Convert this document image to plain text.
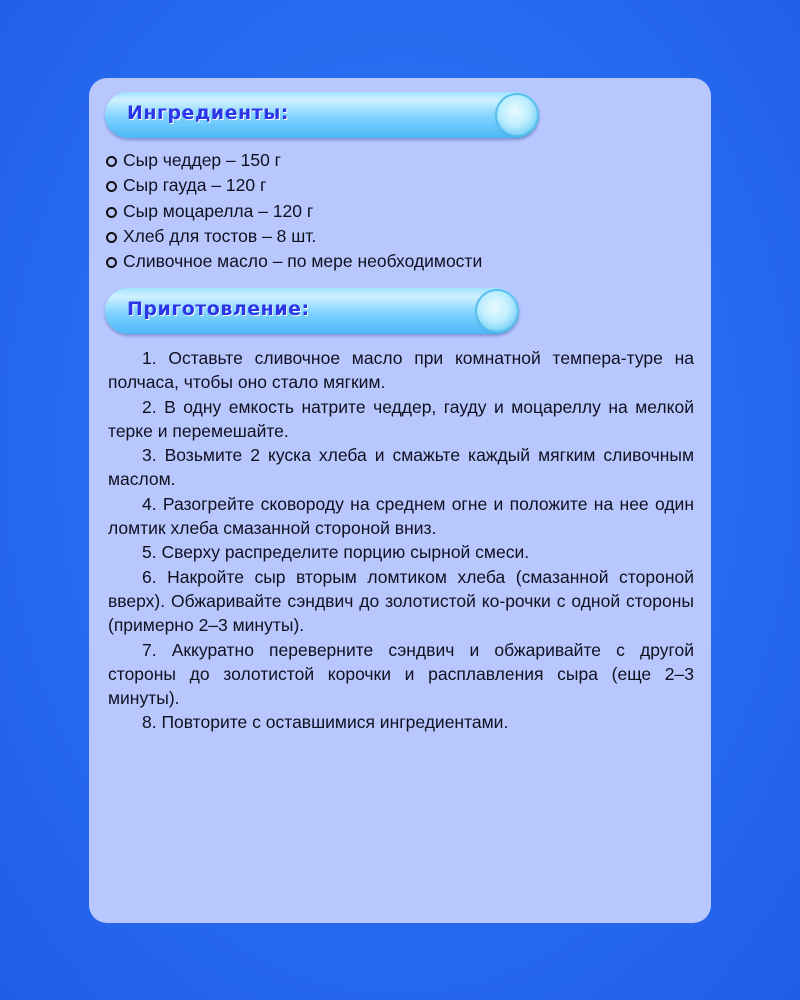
Ингредиенты:
Сыр чеддер – 150 г
Сыр гауда – 120 г
Сыр моцарелла – 120 г
Хлеб для тостов – 8 шт.
Сливочное масло – по мере необходимости
Приготовление:

1. Оставьте сливочное масло при комнатной темпера-туре на полчаса, чтобы оно стало мягким.

2. В одну емкость натрите чеддер, гауду и моцареллу на мелкой терке и перемешайте.

3. Возьмите 2 куска хлеба и смажьте каждый мягким сливочным маслом.

4. Разогрейте сковороду на среднем огне и положите на нее один ломтик хлеба смазанной стороной вниз.

5. Сверху распределите порцию сырной смеси.

6. Накройте сыр вторым ломтиком хлеба (смазанной стороной вверх). Обжаривайте сэндвич до золотистой ко-рочки с одной стороны (примерно 2–3 минуты).

7. Аккуратно переверните сэндвич и обжаривайте с другой стороны до золотистой корочки и расплавления сыра (еще 2–3 минуты).

8. Повторите с оставшимися ингредиентами.
